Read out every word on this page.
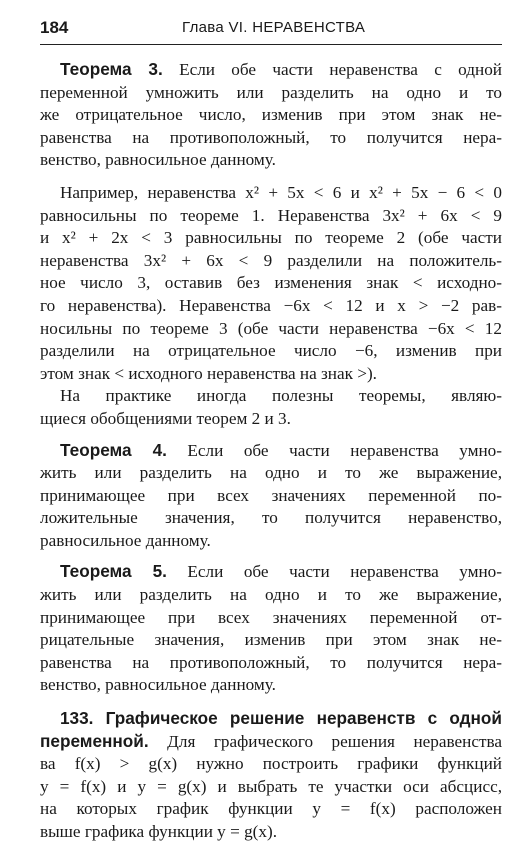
184	Глава VI. НЕРАВЕНСТВА
Теорема 3. Если обе части неравенства с одной
переменной умножить или разделить на одно и то
же отрицательное число, изменив при этом знак не-
равенства на противоположный, то получится нера-
венство, равносильное данному.
Например, неравенства x² + 5x < 6 и x² + 5x − 6 < 0
равносильны по теореме 1. Неравенства 3x² + 6x < 9
и x² + 2x < 3 равносильны по теореме 2 (обе части
неравенства 3x² + 6x < 9 разделили на положитель-
ное число 3, оставив без изменения знак < исходно-
го неравенства). Неравенства −6x < 12 и x > −2 рав-
носильны по теореме 3 (обе части неравенства −6x < 12
разделили на отрицательное число −6, изменив при
этом знак < исходного неравенства на знак >).
На практике иногда полезны теоремы, являю-
щиеся обобщениями теорем 2 и 3.
Теорема 4. Если обе части неравенства умно-
жить или разделить на одно и то же выражение,
принимающее при всех значениях переменной по-
ложительные значения, то получится неравенство,
равносильное данному.
Теорема 5. Если обе части неравенства умно-
жить или разделить на одно и то же выражение,
принимающее при всех значениях переменной от-
рицательные значения, изменив при этом знак не-
равенства на противоположный, то получится нера-
венство, равносильное данному.
133. Графическое решение неравенств с одной
переменной. Для графического решения неравенства
ва f(x) > g(x) нужно построить графики функций
y = f(x) и y = g(x) и выбрать те участки оси абсцисс,
на которых график функции y = f(x) расположен
выше графика функции y = g(x).
